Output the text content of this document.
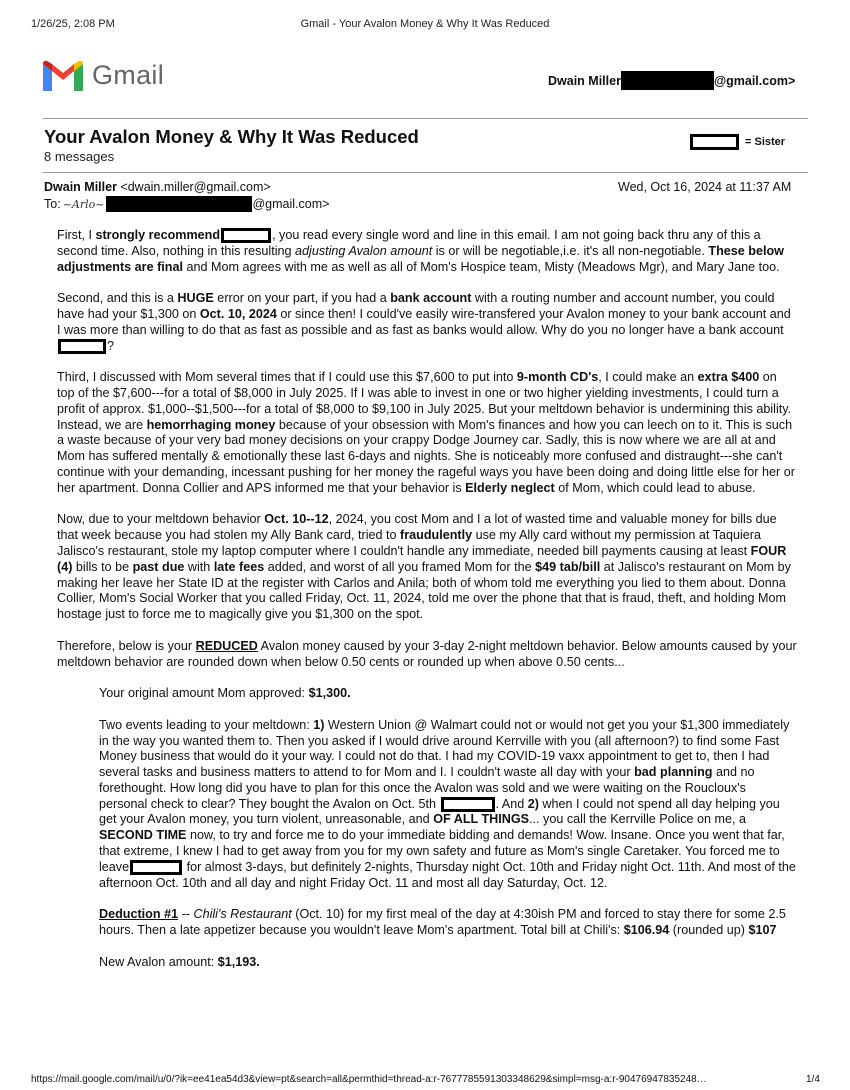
1/26/25, 2:08 PM	Gmail - Your Avalon Money & Why It Was Reduced
Gmail	Dwain Miller	@gmail.com>
Your Avalon Money & Why It Was Reduced
8 messages
= Sister
Dwain Miller <dwain.miller@gmail.com>	Wed, Oct 16, 2024 at 11:37 AM
To: ~Arlo~	@gmail.com>

First, I strongly recommend	, you read every single word and line in this email. I am not going back thru any of this a second time. Also, nothing in this resulting adjusting Avalon amount is or will be negotiable,i.e. it's all non-negotiable. These below adjustments are final and Mom agrees with me as well as all of Mom's Hospice team, Misty (Meadows Mgr), and Mary Jane too.

Second, and this is a HUGE error on your part, if you had a bank account with a routing number and account number, you could have had your $1,300 on Oct. 10, 2024 or since then! I could've easily wire-transfered your Avalon money to your bank account and I was more than willing to do that as fast as possible and as fast as banks would allow. Why do you no longer have a bank account?

Third, I discussed with Mom several times that if I could use this $7,600 to put into 9-month CD's, I could make an extra $400 on top of the $7,600---for a total of $8,000 in July 2025. If I was able to invest in one or two higher yielding investments, I could turn a profit of approx. $1,000--$1,500---for a total of $8,000 to $9,100 in July 2025. But your meltdown behavior is undermining this ability. Instead, we are hemorrhaging money because of your obsession with Mom's finances and how you can leech on to it. This is such a waste because of your very bad money decisions on your crappy Dodge Journey car. Sadly, this is now where we are all at and Mom has suffered mentally & emotionally these last 6-days and nights. She is noticeably more confused and distraught---she can't continue with your demanding, incessant pushing for her money the rageful ways you have been doing and doing little else for her or her apartment. Donna Collier and APS informed me that your behavior is Elderly neglect of Mom, which could lead to abuse.

Now, due to your meltdown behavior Oct. 10--12, 2024, you cost Mom and I a lot of wasted time and valuable money for bills due that week because you had stolen my Ally Bank card, tried to fraudulently use my Ally card without my permission at Taquiera Jalisco's restaurant, stole my laptop computer where I couldn't handle any immediate, needed bill payments causing at least FOUR (4) bills to be past due with late fees added, and worst of all you framed Mom for the $49 tab/bill at Jalisco's restaurant on Mom by making her leave her State ID at the register with Carlos and Anila; both of whom told me everything you lied to them about. Donna Collier, Mom's Social Worker that you called Friday, Oct. 11, 2024, told me over the phone that that is fraud, theft, and holding Mom hostage just to force me to magically give you $1,300 on the spot.

Therefore, below is your REDUCED Avalon money caused by your 3-day 2-night meltdown behavior. Below amounts caused by your meltdown behavior are rounded down when below 0.50 cents or rounded up when above 0.50 cents...

Your original amount Mom approved: $1,300.

Two events leading to your meltdown: 1) Western Union @ Walmart could not or would not get you your $1,300 immediately in the way you wanted them to. Then you asked if I would drive around Kerrville with you (all afternoon?) to find some Fast Money business that would do it your way. I could not do that. I had my COVID-19 vaxx appointment to get to, then I had several tasks and business matters to attend to for Mom and I. I couldn't waste all day with your bad planning and no forethought. How long did you have to plan for this once the Avalon was sold and we were waiting on the Roucloux's personal check to clear? They bought the Avalon on Oct. 5th	. And 2) when I could not spend all day helping you get your Avalon money, you turn violent, unreasonable, and OF ALL THINGS... you call the Kerrville Police on me, a SECOND TIME now, to try and force me to do your immediate bidding and demands! Wow. Insane. Once you went that far, that extreme, I knew I had to get away from you for my own safety and future as Mom's single Caretaker. You forced me to leave	for almost 3-days, but definitely 2-nights, Thursday night Oct. 10th and Friday night Oct. 11th. And most of the afternoon Oct. 10th and all day and night Friday Oct. 11 and most all day Saturday, Oct. 12.

Deduction #1 -- Chili's Restaurant (Oct. 10) for my first meal of the day at 4:30ish PM and forced to stay there for some 2.5 hours. Then a late appetizer because you wouldn't leave Mom's apartment. Total bill at Chili's: $106.94 (rounded up) $107

New Avalon amount: $1,193.

https://mail.google.com/mail/u/0/?ik=ee41ea54d3&view=pt&search=all&permthid=thread-a:r-7677785591303348629&simpl=msg-a:r-90476947835248…	1/4
